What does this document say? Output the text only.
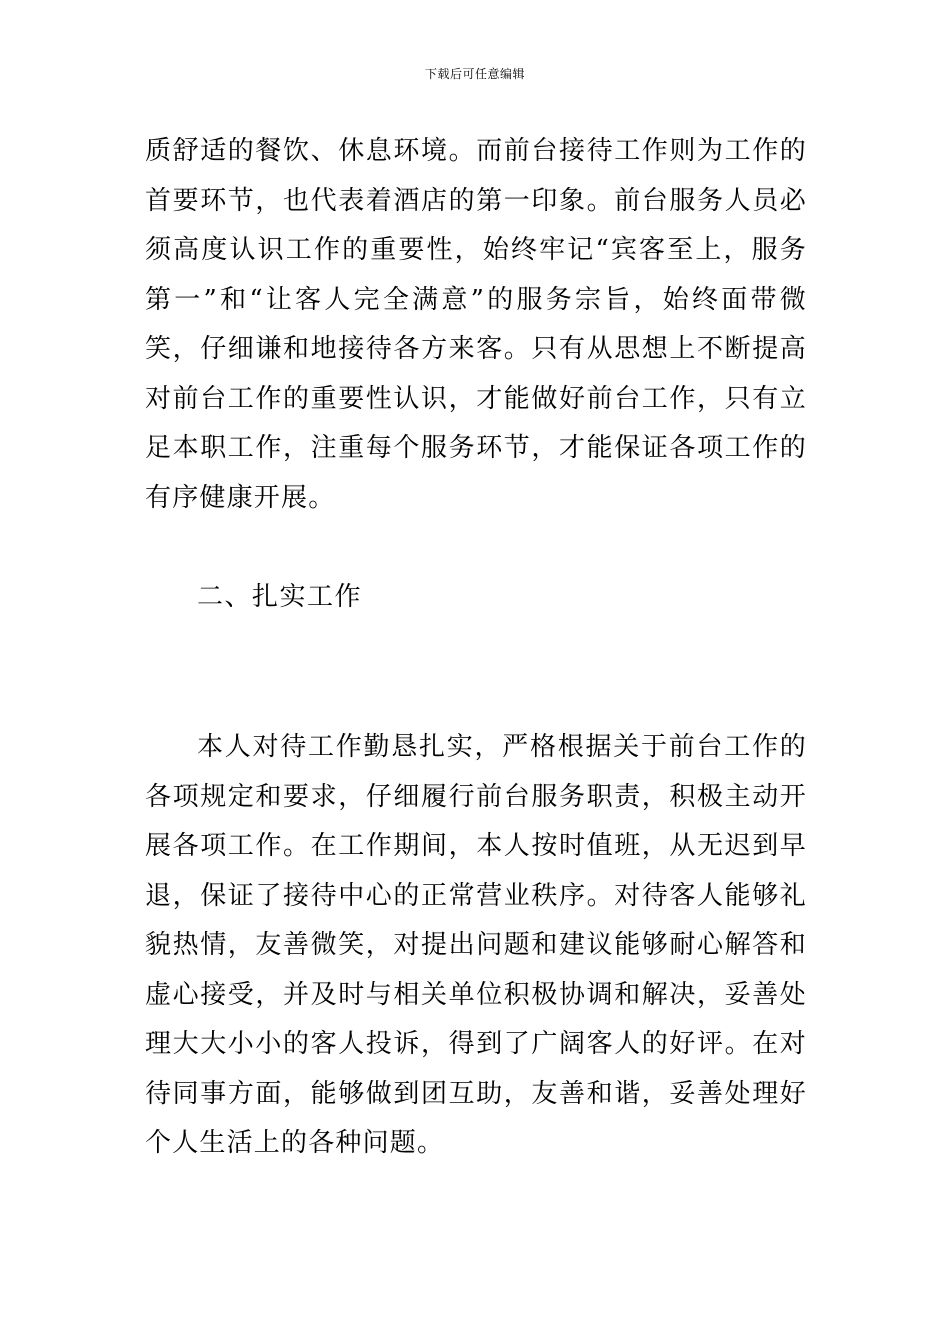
下载后可任意编辑

质舒适的餐饮、休息环境。而前台接待工作则为工作的首要环节，也代表着酒店的第一印象。前台服务人员必须高度认识工作的重要性，始终牢记“宾客至上，服务第一”和“让客人完全满意”的服务宗旨，始终面带微笑，仔细谦和地接待各方来客。只有从思想上不断提高对前台工作的重要性认识，才能做好前台工作，只有立足本职工作，注重每个服务环节，才能保证各项工作的有序健康开展。

二、扎实工作

本人对待工作勤恳扎实，严格根据关于前台工作的各项规定和要求，仔细履行前台服务职责，积极主动开展各项工作。在工作期间，本人按时值班，从无迟到早退，保证了接待中心的正常营业秩序。对待客人能够礼貌热情，友善微笑，对提出问题和建议能够耐心解答和虚心接受，并及时与相关单位积极协调和解决，妥善处理大大小小的客人投诉，得到了广阔客人的好评。在对待同事方面，能够做到团互助，友善和谐，妥善处理好个人生活上的各种问题。
